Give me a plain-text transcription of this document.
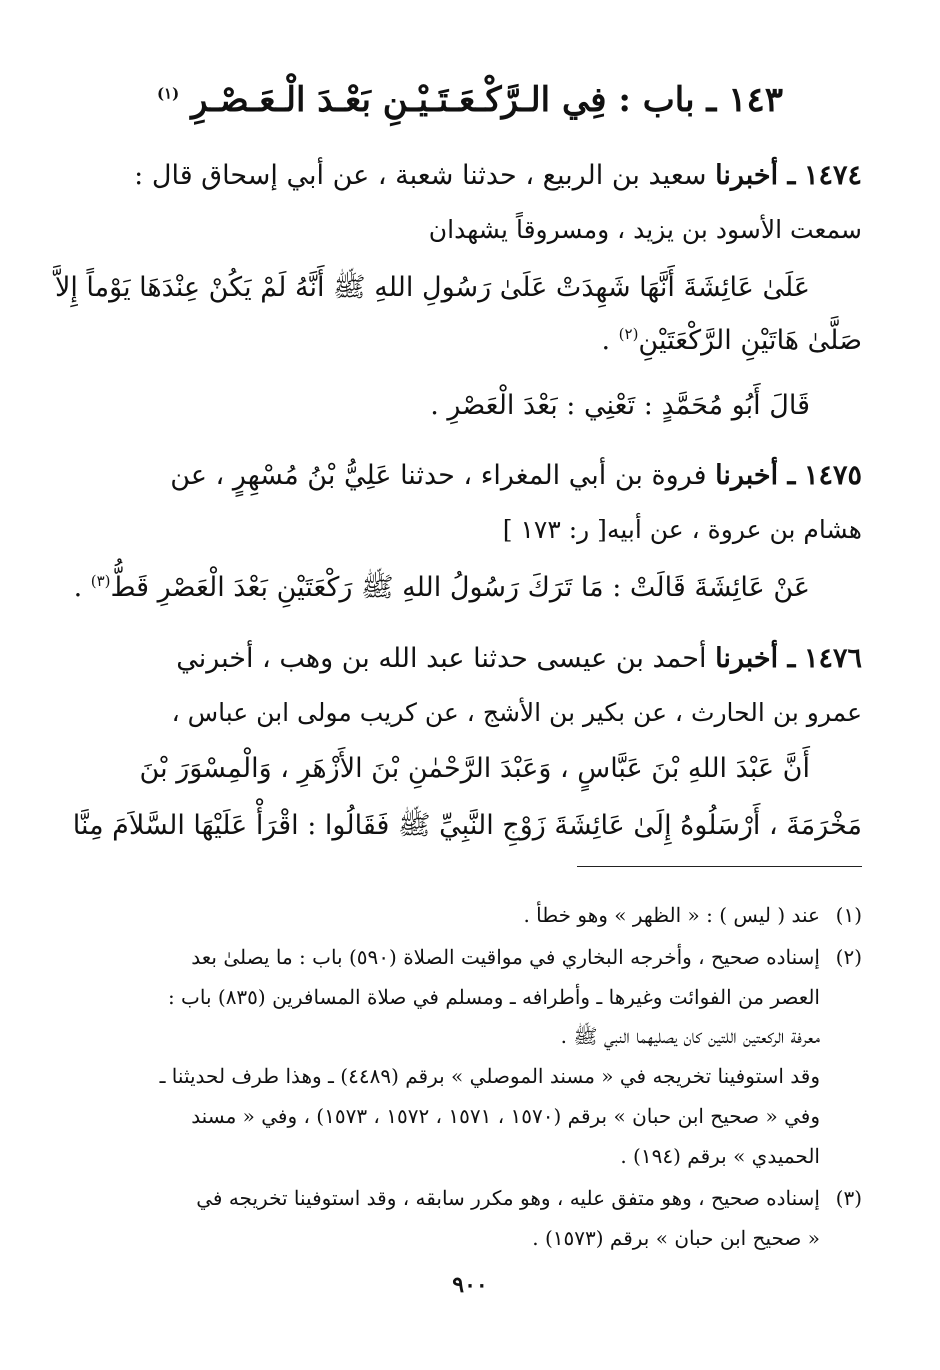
١٤٣ ـ باب : فِي الـرَّكْـعَـتَـيْـنِ بَعْـدَ الْـعَـصْـرِ $^{(١)}$
١٤٧٤ ـ أخبرنا سعيد بن الربيع ، حدثنا شعبة ، عن أبي إسحاق قال :
سمعت الأسود بن يزيد ، ومسروقاً يشهدان
عَلَىٰ عَائِشَةَ أَنَّهَا شَهِدَتْ عَلَىٰ رَسُولِ اللهِ ﷺ أَنَّهُ لَمْ يَكُنْ عِنْدَهَا يَوْماً إِلاَّ
صَلَّىٰ هَاتَيْنِ الرَّكْعَتَيْنِ$^{(٢)}$ .
قَالَ أَبُو مُحَمَّدٍ : تَعْنِي : بَعْدَ الْعَصْرِ .
١٤٧٥ ـ أخبرنا فروة بن أبي المغراء ، حدثنا عَلِيُّ بْنُ مُسْهِرٍ ، عن
هشام بن عروة ، عن أبيه[ ر: ١٧٣ ]
عَنْ عَائِشَةَ قَالَتْ : مَا تَرَكَ رَسُولُ اللهِ ﷺ رَكْعَتَيْنِ بَعْدَ الْعَصْرِ قَطُّ$^{(٣)}$ .
١٤٧٦ ـ أخبرنا أحمد بن عيسى حدثنا عبد الله بن وهب ، أخبرني
عمرو بن الحارث ، عن بكير بن الأشج ، عن كريب مولى ابن عباس ،
أَنَّ عَبْدَ اللهِ بْنَ عَبَّاسٍ ، وَعَبْدَ الرَّحْمٰنِ بْنَ الأَزْهَرِ ، وَالْمِسْوَرَ بْنَ
مَخْرَمَةَ ، أَرْسَلُوهُ إِلَىٰ عَائِشَةَ زَوْجِ النَّبِيِّ ﷺ فَقَالُوا : اقْرَأْ عَلَيْهَا السَّلاَمَ مِنَّا
(١)
عند ( ليس ) : « الظهر » وهو خطأ .
(٢)
إسناده صحيح ، وأخرجه البخاري في مواقيت الصلاة (٥٩٠) باب : ما يصلىٰ بعد
العصر من الفوائت وغيرها ـ وأطرافه ـ ومسلم في صلاة المسافرين (٨٣٥) باب :
معرفة الركعتين اللتين كان يصليهما النبي ﷺ .
وقد استوفينا تخريجه في « مسند الموصلي » برقم (٤٤٨٩) ـ وهذا طرف لحديثنا ـ
وفي « صحيح ابن حبان » برقم (١٥٧٠ ، ١٥٧١ ، ١٥٧٢ ، ١٥٧٣) ، وفي « مسند
الحميدي » برقم (١٩٤) .
(٣)
إسناده صحيح ، وهو متفق عليه ، وهو مكرر سابقه ، وقد استوفينا تخريجه في
« صحيح ابن حبان » برقم (١٥٧٣) .
٩٠٠
